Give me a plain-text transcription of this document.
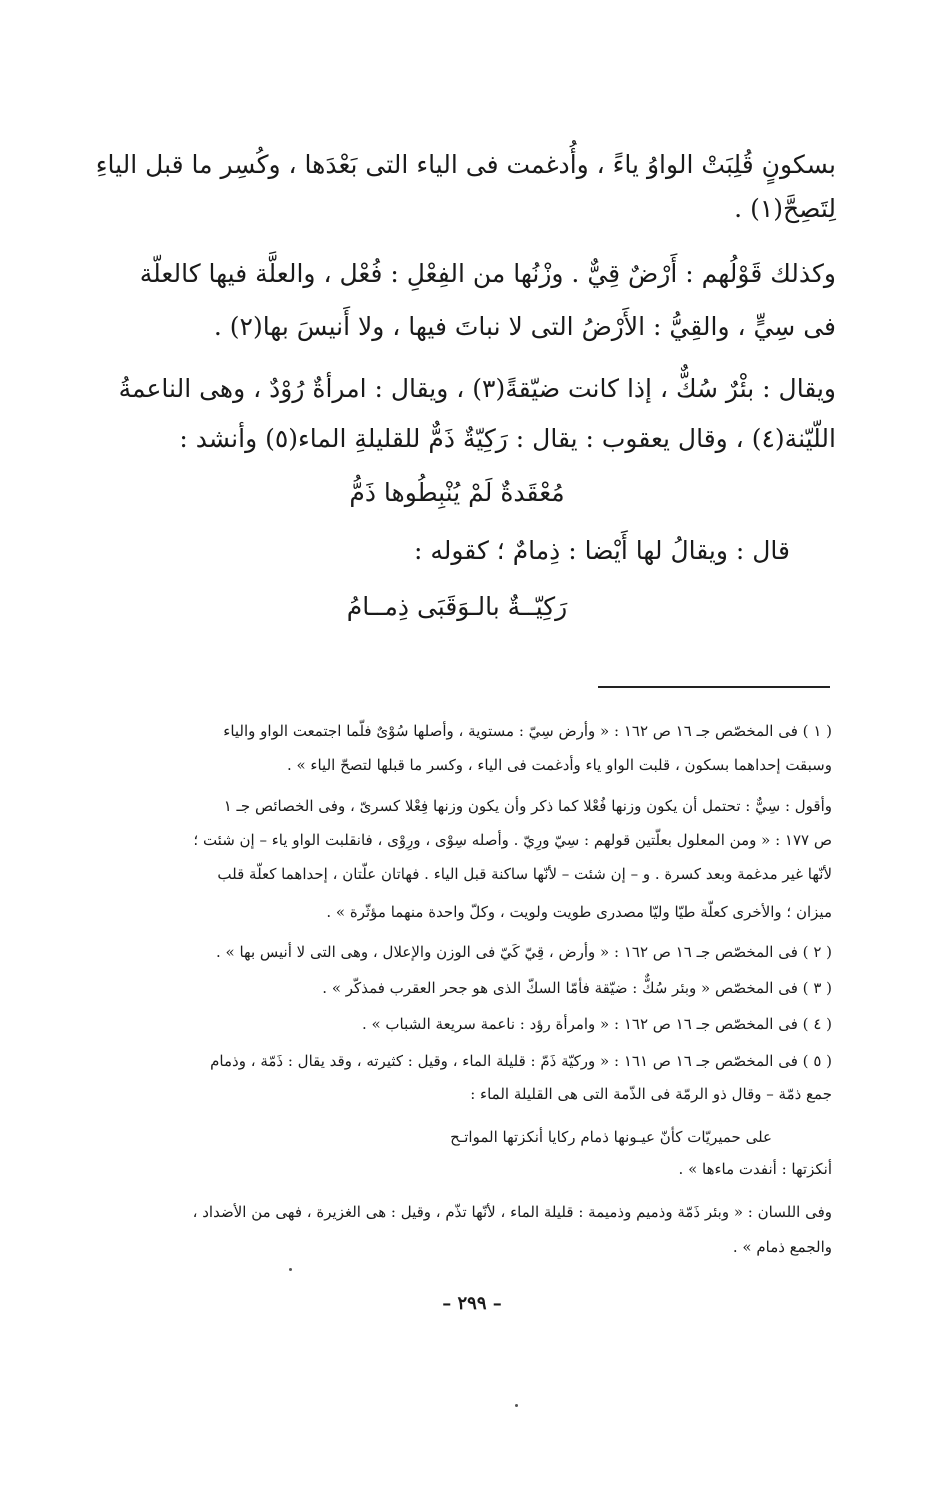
بسكونٍ قُلِبَتْ الواوُ ياءً ، وأُدغمت فى الياء التى بَعْدَها ، وكُسِر ما قبل الياءِ
لِتَصِحَّ(١) .
وكذلك قَوْلُهم : أَرْضٌ قِيٌّ . وزْنُها من الفِعْلِ : فُعْل ، والعلَّة فيها كالعلّة
فى سِيٍّ ، والقِيُّ : الأَرْضُ التى لا نباتَ فيها ، ولا أَنيسَ بها(٢) .
ويقال : بئْرٌ سُكٌّ ، إذا كانت ضيّقةً(٣) ، ويقال : امرأةٌ رُوْدٌ ، وهى الناعمةُ
اللّيّنة(٤) ، وقال يعقوب : يقال : رَكِيّةٌ ذَمٌّ للقليلةِ الماء(٥) وأنشد :
مُعْقَدةٌ لَمْ يُنْبِطُوها ذَمُّ
قال : ويقالُ لها أَيْضا : ذِمامٌ ؛ كقوله :
رَكِيّــةٌ بالـوَقَبَى ذِمــامُ
( ١ ) فى المخصّص جـ ١٦ ص ١٦٢ : « وأرض سِيّ : مستوية ، وأصلها سُوْىٌ فلّما اجتمعت الواو والياء
وسبقت إحداهما بسكون ، قلبت الواو ياء وأدغمت فى الياء ، وكسر ما قبلها لتصحّ الياء » .
وأقول : سِيٌّ : تحتمل أن يكون وزنها فُعْلا كما ذكر وأن يكون وزنها فِعْلا كسرىّ ، وفى الخصائص جـ ١
ص ١٧٧ : « ومن المعلول بعلّتين قولهم : سِيّ ورِيّ . وأصله سِوْى ، ورِوْى ، فانقلبت الواو ياء – إن شئت ؛
لأنّها غير مدغمة وبعد كسرة . و – إن شئت – لأنّها ساكنة قبل الياء . فهاتان علّتان ، إحداهما كعلّة قلب
ميزان ؛ والأخرى كعلّة طيّا وليّا مصدرى طويت ولويت ، وكلّ واحدة منهما مؤثّرة » .
( ٢ ) فى المخصّص جـ ١٦ ص ١٦٢ : « وأرض ، قِيّ كَيّ فى الوزن والإعلال ، وهى التى لا أنيس بها » .
( ٣ ) فى المخصّص « وبئر سُكٌّ : ضيّقة فأمّا السكّ الذى هو جحر العقرب فمذكّر » .
( ٤ ) فى المخصّص جـ ١٦ ص ١٦٢ : « وامرأة رؤد : ناعمة سريعة الشباب » .
( ٥ ) فى المخصّص جـ ١٦ ص ١٦١ : « وركيّة ذَمّ : قليلة الماء ، وقيل : كثيرته ، وقد يقال : ذَمّة ، وذمام
جمع ذمّة – وقال ذو الرمّة فى الذّمة التى هى القليلة الماء :
على حميريّات كأنّ عيـونها ذمام ركايا أنكزتها المواتـح
أنكزتها : أنفدت ماءها » .
وفى اللسان : « وبئر ذَمّة وذميم وذميمة : قليلة الماء ، لأنّها تذّم ، وقيل : هى الغزيرة ، فهى من الأضداد ،
والجمع ذمام » .
– ٢٩٩ –
